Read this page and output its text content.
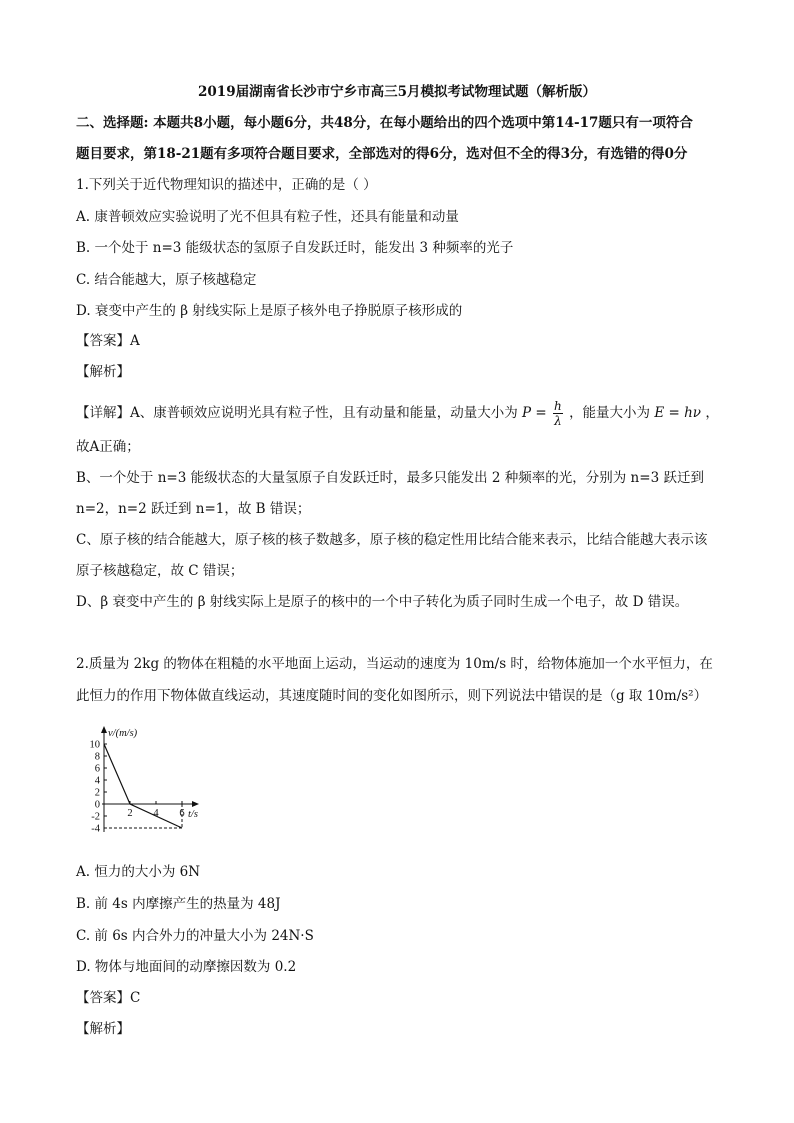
2019届湖南省长沙市宁乡市高三5月模拟考试物理试题（解析版）
二、选择题: 本题共8小题，每小题6分，共48分，在每小题给出的四个选项中第14-17题只有一项符合
题目要求，第18-21题有多项符合题目要求，全部选对的得6分，选对但不全的得3分，有选错的得0分
1.下列关于近代物理知识的描述中，正确的是（ ）
A. 康普顿效应实验说明了光不但具有粒子性，还具有能量和动量
B. 一个处于 n=3 能级状态的氢原子自发跃迁时，能发出 3 种频率的光子
C. 结合能越大，原子核越稳定
D. 衰变中产生的 β 射线实际上是原子核外电子挣脱原子核形成的
【答案】A
【解析】
【详解】A、康普顿效应说明光具有粒子性，且有动量和能量，动量大小为 $P = \frac{h}{\lambda}$ ，能量大小为 E = hν ，
故A正确；
B、一个处于 n=3 能级状态的大量氢原子自发跃迁时，最多只能发出 2 种频率的光，分别为 n=3 跃迁到
n=2，n=2 跃迁到 n=1，故 B 错误；
C、原子核的结合能越大，原子核的核子数越多，原子核的稳定性用比结合能来表示，比结合能越大表示该
原子核越稳定，故 C 错误；
D、β 衰变中产生的 β 射线实际上是原子的核中的一个中子转化为质子同时生成一个电子，故 D 错误。
2.质量为 2kg 的物体在粗糙的水平地面上运动，当运动的速度为 10m/s 时，给物体施加一个水平恒力，在
此恒力的作用下物体做直线运动，其速度随时间的变化如图所示，则下列说法中错误的是（g 取 10m/s²）
10
8
6
4
2
0
-2
-4
2 4 6
v/(m/s)
t/s
A. 恒力的大小为 6N
B. 前 4s 内摩擦产生的热量为 48J
C. 前 6s 内合外力的冲量大小为 24N·S
D. 物体与地面间的动摩擦因数为 0.2
【答案】C
【解析】
